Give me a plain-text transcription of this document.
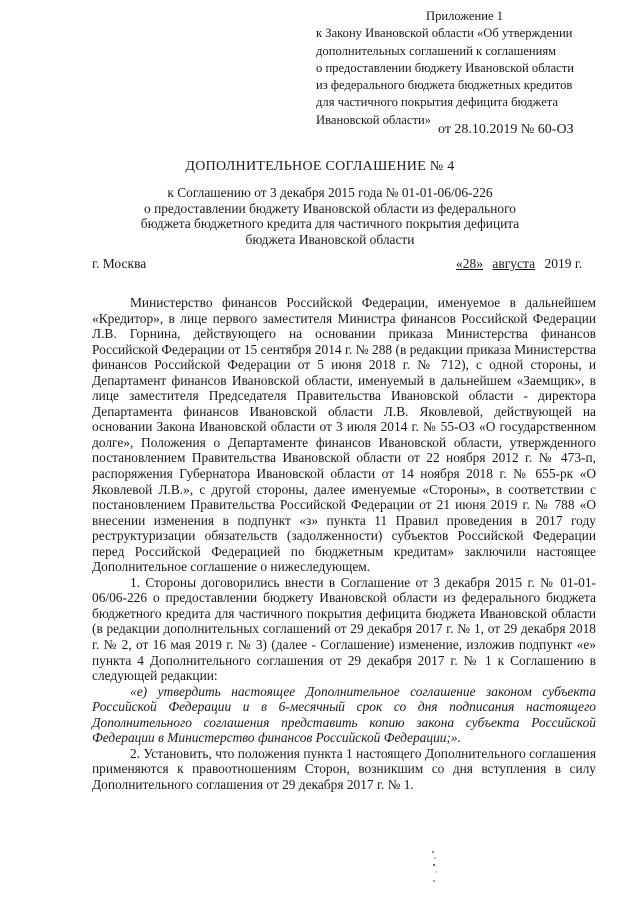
Приложение 1
к Закону Ивановской области «Об утверждении
дополнительных соглашений к соглашениям
о предоставлении бюджету Ивановской области
из федерального бюджета бюджетных кредитов
для частичного покрытия дефицита бюджета
Ивановской области»
от 28.10.2019 № 60-ОЗ
ДОПОЛНИТЕЛЬНОЕ СОГЛАШЕНИЕ № 4
к Соглашению от 3 декабря 2015 года № 01-01-06/06-226
о предоставлении бюджету Ивановской области из федерального
бюджета бюджетного кредита для частичного покрытия дефицита
бюджета Ивановской области
г. Москва	«28» августа 2019 г.

Министерство финансов Российской Федерации, именуемое в дальнейшем «Кредитор», в лице первого заместителя Министра финансов Российской Федерации Л.В. Горнина, действующего на основании приказа Министерства финансов Российской Федерации от 15 сентября 2014 г. № 288 (в редакции приказа Министерства финансов Российской Федерации от 5 июня 2018 г. № 712), с одной стороны, и Департамент финансов Ивановской области, именуемый в дальнейшем «Заемщик», в лице заместителя Председателя Правительства Ивановской области - директора Департамента финансов Ивановской области Л.В. Яковлевой, действующей на основании Закона Ивановской области от 3 июля 2014 г. № 55-ОЗ «О государственном долге», Положения о Департаменте финансов Ивановской области, утвержденного постановлением Правительства Ивановской области от 22 ноября 2012 г. № 473-п, распоряжения Губернатора Ивановской области от 14 ноября 2018 г. № 655-рк «О Яковлевой Л.В.», с другой стороны, далее именуемые «Стороны», в соответствии с постановлением Правительства Российской Федерации от 21 июня 2019 г. № 788 «О внесении изменения в подпункт «з» пункта 11 Правил проведения в 2017 году реструктуризации обязательств (задолженности) субъектов Российской Федерации перед Российской Федерацией по бюджетным кредитам» заключили настоящее Дополнительное соглашение о нижеследующем.

1. Стороны договорились внести в Соглашение от 3 декабря 2015 г. № 01-01-06/06-226 о предоставлении бюджету Ивановской области из федерального бюджета бюджетного кредита для частичного покрытия дефицита бюджета Ивановской области (в редакции дополнительных соглашений от 29 декабря 2017 г. № 1, от 29 декабря 2018 г. № 2, от 16 мая 2019 г. № 3) (далее - Соглашение) изменение, изложив подпункт «е» пункта 4 Дополнительного соглашения от 29 декабря 2017 г. № 1 к Соглашению в следующей редакции:

«е) утвердить настоящее Дополнительное соглашение законом субъекта Российской Федерации и в 6-месячный срок со дня подписания настоящего Дополнительного соглашения представить копию закона субъекта Российской Федерации в Министерство финансов Российской Федерации;».

2. Установить, что положения пункта 1 настоящего Дополнительного соглашения применяются к правоотношениям Сторон, возникшим со дня вступления в силу Дополнительного соглашения от 29 декабря 2017 г. № 1.
